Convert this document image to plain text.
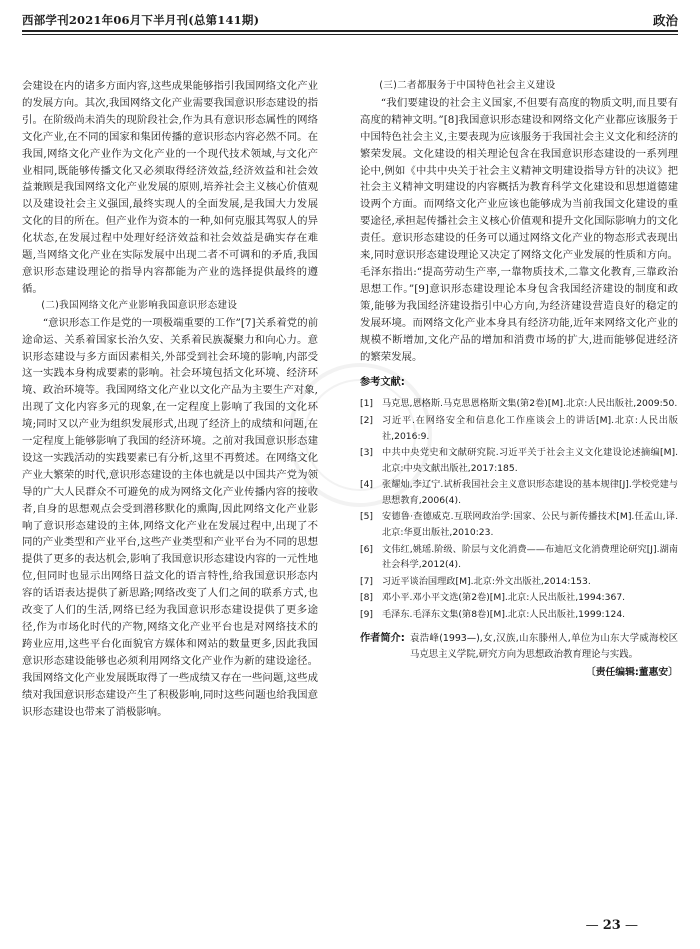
西部学刊2021年06月下半月刊(总第141期)	政治

会建设在内的诸多方面内容,这些成果能够指引我国网络文化产业的发展方向。其次,我国网络文化产业需要我国意识形态建设的指引。在阶级尚未消失的现阶段社会,作为具有意识形态属性的网络文化产业,在不同的国家和集团传播的意识形态内容必然不同。在我国,网络文化产业作为文化产业的一个现代技术领域,与文化产业相同,既能够传播文化又必须取得经济效益,经济效益和社会效益兼顾是我国网络文化产业发展的原则,培养社会主义核心价值观以及建设社会主义强国,最终实现人的全面发展,是我国大力发展文化的目的所在。但产业作为资本的一种,如何克服其驾驭人的异化状态,在发展过程中处理好经济效益和社会效益是确实存在难题,当网络文化产业在实际发展中出现二者不可调和的矛盾,我国意识形态建设理论的指导内容都能为产业的选择提供最终的遵循。

(二)我国网络文化产业影响我国意识形态建设

“意识形态工作是党的一项极端重要的工作”[7]关系着党的前途命运、关系着国家长治久安、关系着民族凝聚力和向心力。意识形态建设与多方面因素相关,外部受到社会环境的影响,内部受这一实践本身构成要素的影响。社会环境包括文化环境、经济环境、政治环境等。我国网络文化产业以文化产品为主要生产对象,出现了文化内容多元的现象,在一定程度上影响了我国的文化环境;同时又以产业为组织发展形式,出现了经济上的成绩和问题,在一定程度上能够影响了我国的经济环境。之前对我国意识形态建设这一实践活动的实践要素已有分析,这里不再赘述。在网络文化产业大繁荣的时代,意识形态建设的主体也就是以中国共产党为领导的广大人民群众不可避免的成为网络文化产业传播内容的接收者,自身的思想观点会受到潜移默化的熏陶,因此网络文化产业影响了意识形态建设的主体,网络文化产业在发展过程中,出现了不同的产业类型和产业平台,这些产业类型和产业平台为不同的思想提供了更多的表达机会,影响了我国意识形态建设内容的一元性地位,但同时也显示出网络日益文化的语言特性,给我国意识形态内容的话语表达提供了新思路;网络改变了人们之间的联系方式,也改变了人们的生活,网络已经为我国意识形态建设提供了更多途径,作为市场化时代的产物,网络文化产业平台也是对网络技术的跨业应用,这些平台化面貌官方媒体和网站的数量更多,因此我国意识形态建设能够也必须利用网络文化产业作为新的建设途径。我国网络文化产业发展既取得了一些成绩又存在一些问题,这些成绩对我国意识形态建设产生了积极影响,同时这些问题也给我国意识形态建设也带来了消极影响。

(三)二者都服务于中国特色社会主义建设

“我们要建设的社会主义国家,不但要有高度的物质文明,而且要有高度的精神文明。”[8]我国意识形态建设和网络文化产业都应该服务于中国特色社会主义,主要表现为应该服务于我国社会主义文化和经济的繁荣发展。文化建设的相关理论包含在我国意识形态建设的一系列理论中,例如《中共中央关于社会主义精神文明建设指导方针的决议》把社会主义精神文明建设的内容概括为教育科学文化建设和思想道德建设两个方面。而网络文化产业应该也能够成为当前我国文化建设的重要途径,承担起传播社会主义核心价值观和提升文化国际影响力的文化责任。意识形态建设的任务可以通过网络文化产业的物态形式表现出来,同时意识形态建设理论又决定了网络文化产业发展的性质和方向。毛泽东指出:“提高劳动生产率,一靠物质技术,二靠文化教育,三靠政治思想工作。”[9]意识形态建设理论本身包含我国经济建设的制度和政策,能够为我国经济建设指引中心方向,为经济建设营造良好的稳定的发展环境。而网络文化产业本身具有经济功能,近年来网络文化产业的规模不断增加,文化产品的增加和消费市场的扩大,进而能够促进经济的繁荣发展。

参考文献:
[1] 马克思,恩格斯.马克思恩格斯文集(第2卷)[M].北京:人民出版社,2009:50.
[2] 习近平.在网络安全和信息化工作座谈会上的讲话[M].北京:人民出版社,2016:9.
[3] 中共中央党史和文献研究院.习近平关于社会主义文化建设论述摘编[M].北京:中央文献出版社,2017:185.
[4] 张耀灿,李辽宁.试析我国社会主义意识形态建设的基本规律[J].学校党建与思想教育,2006(4).
[5] 安德鲁·查德威克.互联网政治学:国家、公民与新传播技术[M].任孟山,译.北京:华夏出版社,2010:23.
[6] 文伟红,姚瑶.阶级、阶层与文化消费——布迪厄文化消费理论研究[J].湖南社会科学,2012(4).
[7] 习近平谈治国理政[M].北京:外文出版社,2014:153.
[8] 邓小平.邓小平文选(第2卷)[M].北京:人民出版社,1994:367.
[9] 毛泽东.毛泽东文集(第8卷)[M].北京:人民出版社,1999:124.
作者简介: 袁浩峰(1993—),女,汉族,山东滕州人,单位为山东大学威海校区马克思主义学院,研究方向为思想政治教育理论与实践。
〔责任编辑:董惠安〕
— 23 —
